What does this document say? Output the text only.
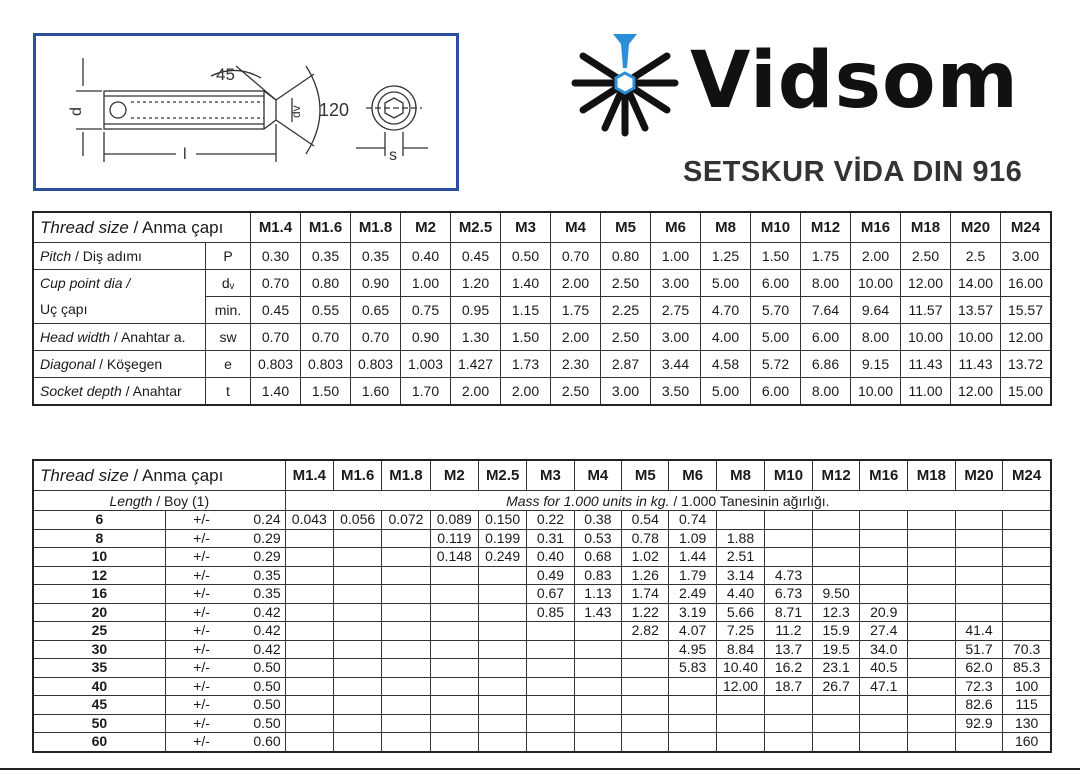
45
d	dv 120
l	s
Vidsom
SETSKUR VİDA DIN 916
Thread size / Anma çapı		M1.4	M1.6	M1.8	M2	M2.5	M3	M4	M5	M6	M8	M10	M12	M16	M18	M20	M24
Pitch / Diş adımı	P	0.30	0.35	0.35	0.40	0.45	0.50	0.70	0.80	1.00	1.25	1.50	1.75	2.00	2.50	2.5	3.00
Cup point dia /
Uç çapı	dᵥ	0.70	0.80	0.90	1.00	1.20	1.40	2.00	2.50	3.00	5.00	6.00	8.00	10.00	12.00	14.00	16.00
	min.	0.45	0.55	0.65	0.75	0.95	1.15	1.75	2.25	2.75	4.70	5.70	7.64	9.64	11.57	13.57	15.57
Head width / Anahtar a.	sw	0.70	0.70	0.70	0.90	1.30	1.50	2.00	2.50	3.00	4.00	5.00	6.00	8.00	10.00	10.00	12.00
Diagonal / Köşegen	e	0.803	0.803	0.803	1.003	1.427	1.73	2.30	2.87	3.44	4.58	5.72	6.86	9.15	11.43	11.43	13.72
Socket depth / Anahtar	t	1.40	1.50	1.60	1.70	2.00	2.00	2.50	3.00	3.50	5.00	6.00	8.00	10.00	11.00	12.00	15.00
Thread size / Anma çapı			M1.4	M1.6	M1.8	M2	M2.5	M3	M4	M5	M6	M8	M10	M12	M16	M18	M20	M24
Length / Boy (1)			Mass for 1.000 units in kg. / 1.000 Tanesinin ağırlığı.															
6	+/-	0.24	0.043	0.056	0.072	0.089	0.150	0.22	0.38	0.54	0.74							
8	+/-	0.29				0.119	0.199	0.31	0.53	0.78	1.09	1.88						
10	+/-	0.29				0.148	0.249	0.40	0.68	1.02	1.44	2.51						
12	+/-	0.35						0.49	0.83	1.26	1.79	3.14	4.73					
16	+/-	0.35						0.67	1.13	1.74	2.49	4.40	6.73	9.50				
20	+/-	0.42						0.85	1.43	1.22	3.19	5.66	8.71	12.3	20.9			
25	+/-	0.42								2.82	4.07	7.25	11.2	15.9	27.4		41.4	
30	+/-	0.42									4.95	8.84	13.7	19.5	34.0		51.7	70.3
35	+/-	0.50									5.83	10.40	16.2	23.1	40.5		62.0	85.3
40	+/-	0.50										12.00	18.7	26.7	47.1		72.3	100
45	+/-	0.50															82.6	115
50	+/-	0.50															92.9	130
60	+/-	0.60																160
